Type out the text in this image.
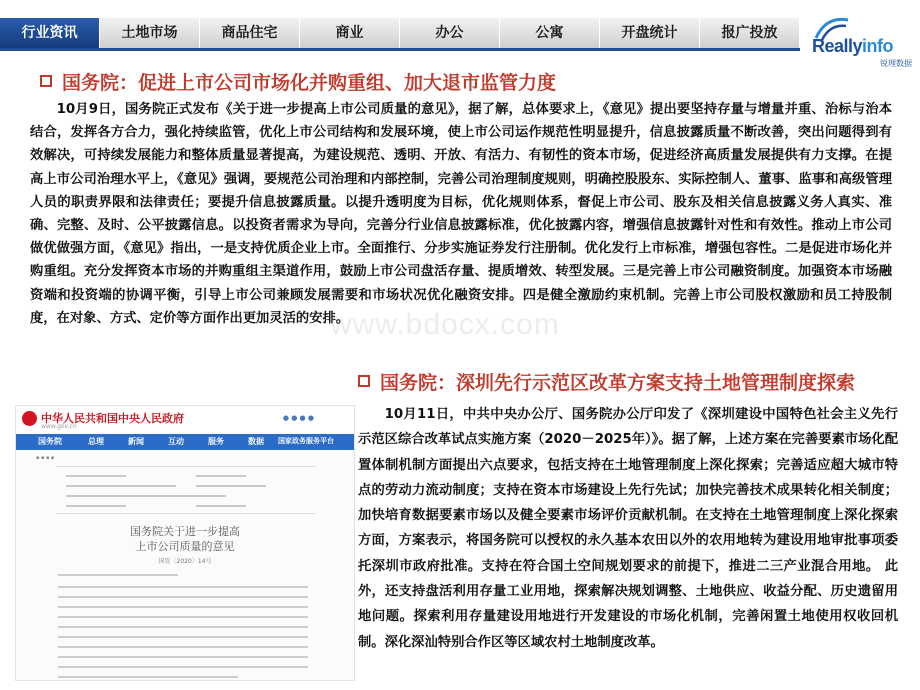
行业资讯	土地市场	商品住宅	商业	办公	公寓	开盘统计	报广投放
Reallyinfo
锐理数据
国务院：促进上市公司市场化并购重组、加大退市监管力度
10月9日，国务院正式发布《关于进一步提高上市公司质量的意见》，据了解，总体要求上，《意见》提出要坚持存量与增量并重、治标与治本结合，发挥各方合力，强化持续监管，优化上市公司结构和发展环境，使上市公司运作规范性明显提升，信息披露质量不断改善，突出问题得到有效解决，可持续发展能力和整体质量显著提高，为建设规范、透明、开放、有活力、有韧性的资本市场，促进经济高质量发展提供有力支撑。在提高上市公司治理水平上，《意见》强调，要规范公司治理和内部控制，完善公司治理制度规则，明确控股股东、实际控制人、董事、监事和高级管理人员的职责界限和法律责任；要提升信息披露质量。以提升透明度为目标，优化规则体系，督促上市公司、股东及相关信息披露义务人真实、准确、完整、及时、公平披露信息。以投资者需求为导向，完善分行业信息披露标准，优化披露内容，增强信息披露针对性和有效性。推动上市公司做优做强方面，《意见》指出，一是支持优质企业上市。全面推行、分步实施证券发行注册制。优化发行上市标准，增强包容性。二是促进市场化并购重组。充分发挥资本市场的并购重组主渠道作用，鼓励上市公司盘活存量、提质增效、转型发展。三是完善上市公司融资制度。加强资本市场融资端和投资端的协调平衡，引导上市公司兼顾发展需要和市场状况优化融资安排。四是健全激励约束机制。完善上市公司股权激励和员工持股制度，在对象、方式、定价等方面作出更加灵活的安排。
www.bdocx.com
国务院：深圳先行示范区改革方案支持土地管理制度探索
中华人民共和国中央人民政府
www.gov.cn
● ● ● ●
国务院	总理	新闻	互动	服务	数据 国家政务服务平台
▪ ▪ ▪ ▪
国务院关于进一步提高
上市公司质量的意见
国发〔2020〕14号
10月11日，中共中央办公厅、国务院办公厅印发了《深圳建设中国特色社会主义先行示范区综合改革试点实施方案（2020－2025年）》。据了解，上述方案在完善要素市场化配置体制机制方面提出六点要求，包括支持在土地管理制度上深化探索；完善适应超大城市特点的劳动力流动制度；支持在资本市场建设上先行先试；加快完善技术成果转化相关制度；加快培育数据要素市场以及健全要素市场评价贡献机制。在支持在土地管理制度上深化探索方面，方案表示，将国务院可以授权的永久基本农田以外的农用地转为建设用地审批事项委托深圳市政府批准。支持在符合国土空间规划要求的前提下，推进二三产业混合用地。 此外，还支持盘活利用存量工业用地，探索解决规划调整、土地供应、收益分配、历史遗留用地问题。探索利用存量建设用地进行开发建设的市场化机制，完善闲置土地使用权收回机制。深化深汕特别合作区等区域农村土地制度改革。
